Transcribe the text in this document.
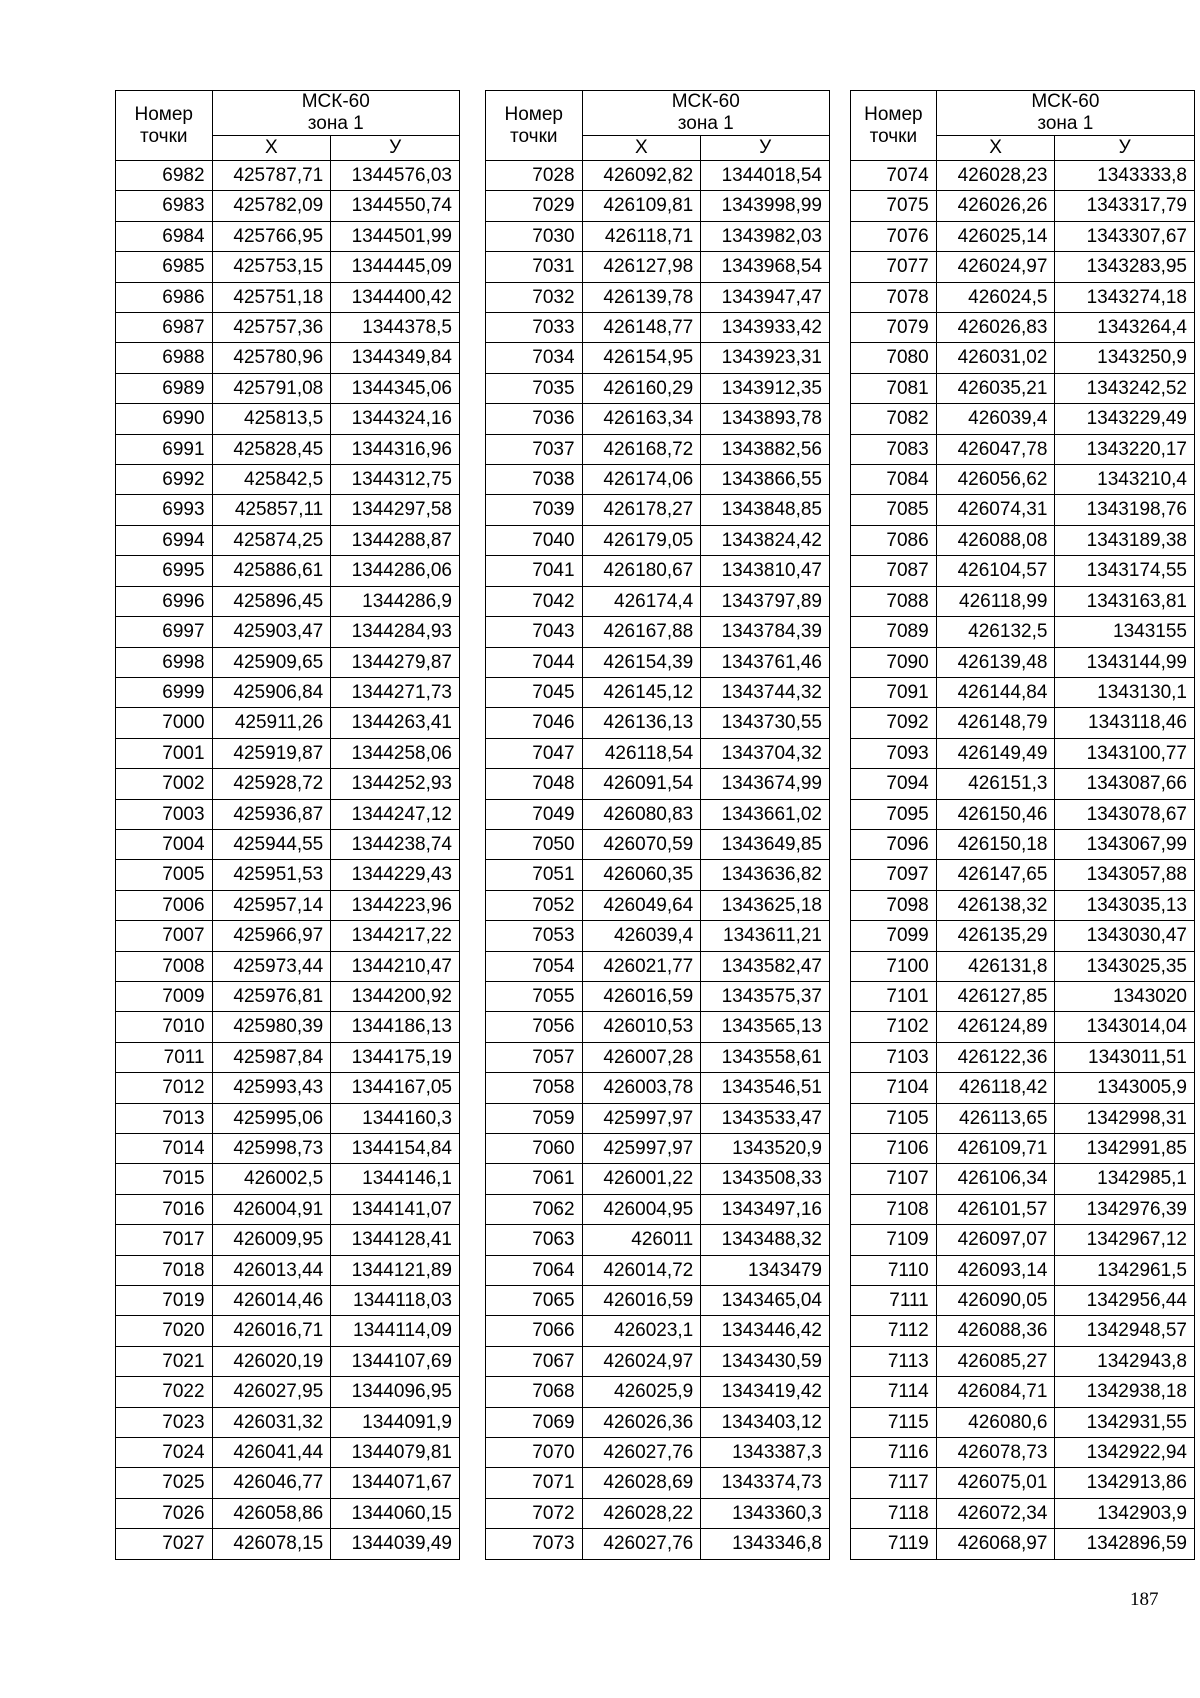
Номер точки	МСК-60
зона 1	
	Х	У
6982	425787,71	1344576,03
6983	425782,09	1344550,74
6984	425766,95	1344501,99
6985	425753,15	1344445,09
6986	425751,18	1344400,42
6987	425757,36	1344378,5
6988	425780,96	1344349,84
6989	425791,08	1344345,06
6990	425813,5	1344324,16
6991	425828,45	1344316,96
6992	425842,5	1344312,75
6993	425857,11	1344297,58
6994	425874,25	1344288,87
6995	425886,61	1344286,06
6996	425896,45	1344286,9
6997	425903,47	1344284,93
6998	425909,65	1344279,87
6999	425906,84	1344271,73
7000	425911,26	1344263,41
7001	425919,87	1344258,06
7002	425928,72	1344252,93
7003	425936,87	1344247,12
7004	425944,55	1344238,74
7005	425951,53	1344229,43
7006	425957,14	1344223,96
7007	425966,97	1344217,22
7008	425973,44	1344210,47
7009	425976,81	1344200,92
7010	425980,39	1344186,13
7011	425987,84	1344175,19
7012	425993,43	1344167,05
7013	425995,06	1344160,3
7014	425998,73	1344154,84
7015	426002,5	1344146,1
7016	426004,91	1344141,07
7017	426009,95	1344128,41
7018	426013,44	1344121,89
7019	426014,46	1344118,03
7020	426016,71	1344114,09
7021	426020,19	1344107,69
7022	426027,95	1344096,95
7023	426031,32	1344091,9
7024	426041,44	1344079,81
7025	426046,77	1344071,67
7026	426058,86	1344060,15
7027	426078,15	1344039,49
Номер точки	МСК-60
зона 1	
	Х	У
7028	426092,82	1344018,54
7029	426109,81	1343998,99
7030	426118,71	1343982,03
7031	426127,98	1343968,54
7032	426139,78	1343947,47
7033	426148,77	1343933,42
7034	426154,95	1343923,31
7035	426160,29	1343912,35
7036	426163,34	1343893,78
7037	426168,72	1343882,56
7038	426174,06	1343866,55
7039	426178,27	1343848,85
7040	426179,05	1343824,42
7041	426180,67	1343810,47
7042	426174,4	1343797,89
7043	426167,88	1343784,39
7044	426154,39	1343761,46
7045	426145,12	1343744,32
7046	426136,13	1343730,55
7047	426118,54	1343704,32
7048	426091,54	1343674,99
7049	426080,83	1343661,02
7050	426070,59	1343649,85
7051	426060,35	1343636,82
7052	426049,64	1343625,18
7053	426039,4	1343611,21
7054	426021,77	1343582,47
7055	426016,59	1343575,37
7056	426010,53	1343565,13
7057	426007,28	1343558,61
7058	426003,78	1343546,51
7059	425997,97	1343533,47
7060	425997,97	1343520,9
7061	426001,22	1343508,33
7062	426004,95	1343497,16
7063	426011	1343488,32
7064	426014,72	1343479
7065	426016,59	1343465,04
7066	426023,1	1343446,42
7067	426024,97	1343430,59
7068	426025,9	1343419,42
7069	426026,36	1343403,12
7070	426027,76	1343387,3
7071	426028,69	1343374,73
7072	426028,22	1343360,3
7073	426027,76	1343346,8
Номер точки	МСК-60
зона 1	
	Х	У
7074	426028,23	1343333,8
7075	426026,26	1343317,79
7076	426025,14	1343307,67
7077	426024,97	1343283,95
7078	426024,5	1343274,18
7079	426026,83	1343264,4
7080	426031,02	1343250,9
7081	426035,21	1343242,52
7082	426039,4	1343229,49
7083	426047,78	1343220,17
7084	426056,62	1343210,4
7085	426074,31	1343198,76
7086	426088,08	1343189,38
7087	426104,57	1343174,55
7088	426118,99	1343163,81
7089	426132,5	1343155
7090	426139,48	1343144,99
7091	426144,84	1343130,1
7092	426148,79	1343118,46
7093	426149,49	1343100,77
7094	426151,3	1343087,66
7095	426150,46	1343078,67
7096	426150,18	1343067,99
7097	426147,65	1343057,88
7098	426138,32	1343035,13
7099	426135,29	1343030,47
7100	426131,8	1343025,35
7101	426127,85	1343020
7102	426124,89	1343014,04
7103	426122,36	1343011,51
7104	426118,42	1343005,9
7105	426113,65	1342998,31
7106	426109,71	1342991,85
7107	426106,34	1342985,1
7108	426101,57	1342976,39
7109	426097,07	1342967,12
7110	426093,14	1342961,5
7111	426090,05	1342956,44
7112	426088,36	1342948,57
7113	426085,27	1342943,8
7114	426084,71	1342938,18
7115	426080,6	1342931,55
7116	426078,73	1342922,94
7117	426075,01	1342913,86
7118	426072,34	1342903,9
7119	426068,97	1342896,59
187
